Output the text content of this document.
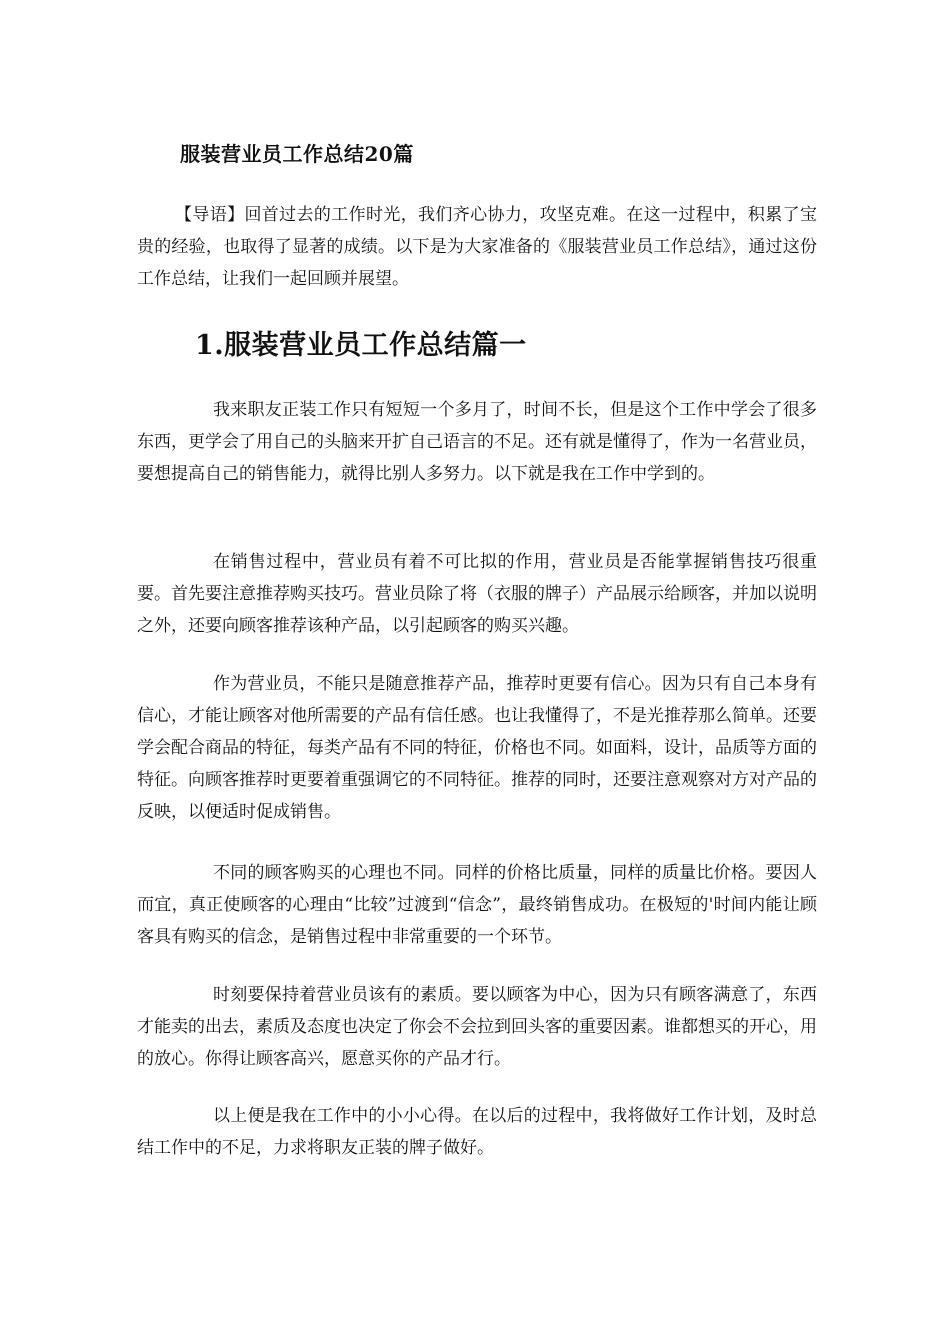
服装营业员工作总结20篇

【导语】回首过去的工作时光，我们齐心协力，攻坚克难。在这一过程中，积累了宝贵的经验，也取得了显著的成绩。以下是为大家准备的《服装营业员工作总结》，通过这份工作总结，让我们一起回顾并展望。

1.服装营业员工作总结篇一

我来职友正装工作只有短短一个多月了，时间不长，但是这个工作中学会了很多东西，更学会了用自己的头脑来开扩自己语言的不足。还有就是懂得了，作为一名营业员，要想提高自己的销售能力，就得比别人多努力。以下就是我在工作中学到的。

在销售过程中，营业员有着不可比拟的作用，营业员是否能掌握销售技巧很重要。首先要注意推荐购买技巧。营业员除了将（衣服的牌子）产品展示给顾客，并加以说明之外，还要向顾客推荐该种产品，以引起顾客的购买兴趣。

作为营业员，不能只是随意推荐产品，推荐时更要有信心。因为只有自己本身有信心，才能让顾客对他所需要的产品有信任感。也让我懂得了，不是光推荐那么简单。还要学会配合商品的特征，每类产品有不同的特征，价格也不同。如面料，设计，品质等方面的特征。向顾客推荐时更要着重强调它的不同特征。推荐的同时，还要注意观察对方对产品的反映，以便适时促成销售。

不同的顾客购买的心理也不同。同样的价格比质量，同样的质量比价格。要因人而宜，真正使顾客的心理由“比较”过渡到“信念”，最终销售成功。在极短的'时间内能让顾客具有购买的信念，是销售过程中非常重要的一个环节。

时刻要保持着营业员该有的素质。要以顾客为中心，因为只有顾客满意了，东西才能卖的出去，素质及态度也决定了你会不会拉到回头客的重要因素。谁都想买的开心，用的放心。你得让顾客高兴，愿意买你的产品才行。

以上便是我在工作中的小小心得。在以后的过程中，我将做好工作计划，及时总结工作中的不足，力求将职友正装的牌子做好。
